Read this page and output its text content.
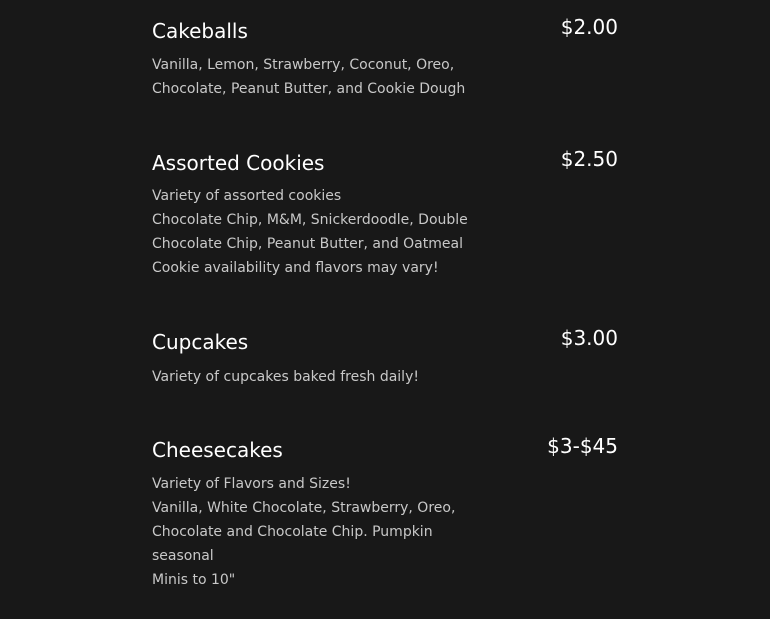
Cakeballs	$2.00
Vanilla, Lemon, Strawberry, Coconut, Oreo,
Chocolate, Peanut Butter, and Cookie Dough
Assorted Cookies	$2.50
Variety of assorted cookies
Chocolate Chip, M&M, Snickerdoodle, Double
Chocolate Chip, Peanut Butter, and Oatmeal
Cookie availability and flavors may vary!
Cupcakes	$3.00
Variety of cupcakes baked fresh daily!
Cheesecakes	$3-$45
Variety of Flavors and Sizes!
Vanilla, White Chocolate, Strawberry, Oreo,
Chocolate and Chocolate Chip. Pumpkin
seasonal
Minis to 10"
